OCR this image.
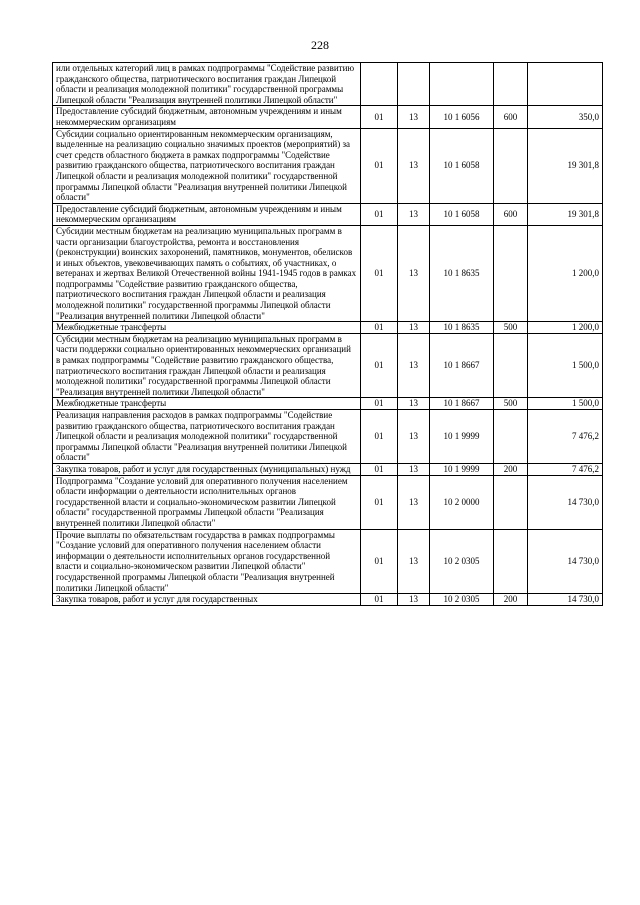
228
или отдельных категорий лиц в рамках подпрограммы "Содействие развитию гражданского общества, патриотического воспитания граждан Липецкой области и реализация молодежной политики" государственной программы Липецкой области "Реализация внутренней политики Липецкой области"					
Предоставление субсидий бюджетным, автономным учреждениям и иным некоммерческим организациям	01	13	10 1 6056	600	350,0
Субсидии социально ориентированным некоммерческим организациям, выделенные на реализацию социально значимых проектов (мероприятий) за счет средств областного бюджета в рамках подпрограммы "Содействие развитию гражданского общества, патриотического воспитания граждан Липецкой области и реализация молодежной политики" государственной программы Липецкой области "Реализация внутренней политики Липецкой области"	01	13	10 1 6058		19 301,8
Предоставление субсидий бюджетным, автономным учреждениям и иным некоммерческим организациям	01	13	10 1 6058	600	19 301,8
Субсидии местным бюджетам на реализацию муниципальных программ в части организации благоустройства, ремонта и восстановления (реконструкции) воинских захоронений, памятников, монументов, обелисков и иных объектов, увековечивающих память о событиях, об участниках, о ветеранах и жертвах Великой Отечественной войны 1941-1945 годов в рамках подпрограммы "Содействие развитию гражданского общества, патриотического воспитания граждан Липецкой области и реализация молодежной политики" государственной программы Липецкой области "Реализация внутренней политики Липецкой области"	01	13	10 1 8635		1 200,0
Межбюджетные трансферты	01	13	10 1 8635	500	1 200,0
Субсидии местным бюджетам на реализацию муниципальных программ в части поддержки социально ориентированных некоммерческих организаций в рамках подпрограммы "Содействие развитию гражданского общества, патриотического воспитания граждан Липецкой области и реализация молодежной политики" государственной программы Липецкой области "Реализация внутренней политики Липецкой области"	01	13	10 1 8667		1 500,0
Межбюджетные трансферты	01	13	10 1 8667	500	1 500,0
Реализация направления расходов в рамках подпрограммы "Содействие развитию гражданского общества, патриотического воспитания граждан Липецкой области и реализация молодежной политики" государственной программы Липецкой области "Реализация внутренней политики Липецкой области"	01	13	10 1 9999		7 476,2
Закупка товаров, работ и услуг для государственных (муниципальных) нужд	01	13	10 1 9999	200	7 476,2
Подпрограмма "Создание условий для оперативного получения населением области информации о деятельности исполнительных органов государственной власти и социально-экономическом развитии Липецкой области" государственной программы Липецкой области "Реализация внутренней политики Липецкой области"	01	13	10 2 0000		14 730,0
Прочие выплаты по обязательствам государства в рамках подпрограммы "Создание условий для оперативного получения населением области информации о деятельности исполнительных органов государственной власти и социально-экономическом развитии Липецкой области" государственной программы Липецкой области "Реализация внутренней политики Липецкой области"	01	13	10 2 0305		14 730,0
Закупка товаров, работ и услуг для государственных	01	13	10 2 0305	200	14 730,0
